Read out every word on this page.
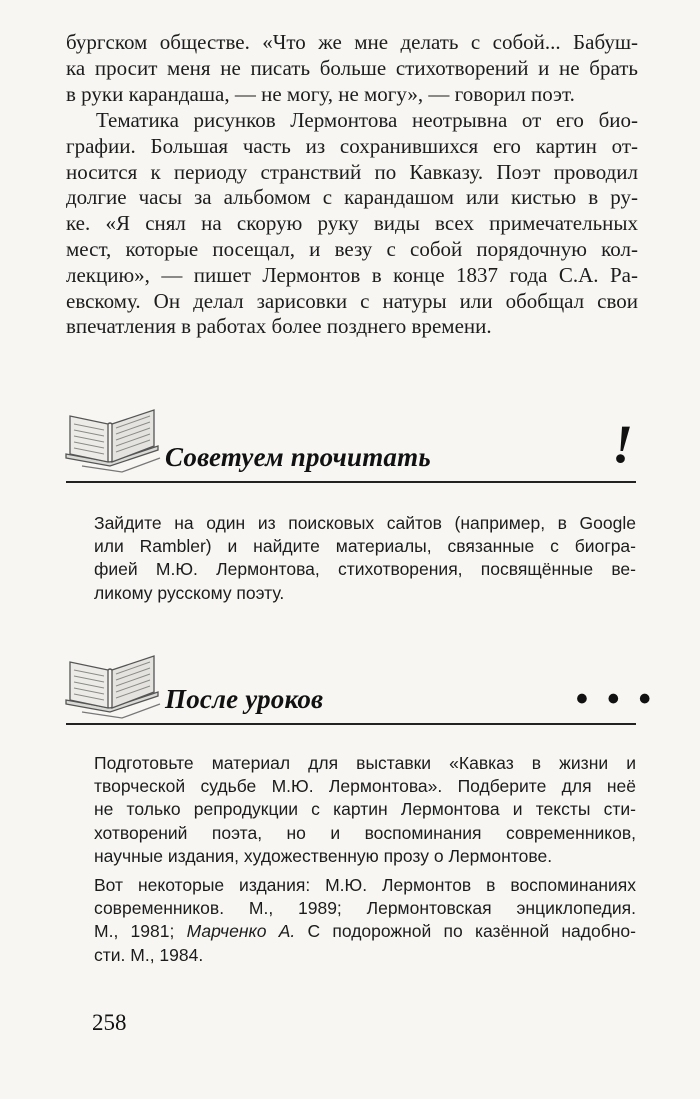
бургском обществе. «Что же мне делать с собой... Бабуш-
ка просит меня не писать больше стихотворений и не брать
в руки карандаша, — не могу, не могу», — говорил поэт.

Тематика рисунков Лермонтова неотрывна от его био-
графии. Большая часть из сохранившихся его картин от-
носится к периоду странствий по Кавказу. Поэт проводил
долгие часы за альбомом с карандашом или кистью в ру-
ке. «Я снял на скорую руку виды всех примечательных
мест, которые посещал, и везу с собой порядочную кол-
лекцию», — пишет Лермонтов в конце 1837 года С.А. Ра-
евскому. Он делал зарисовки с натуры или обобщал свои
впечатления в работах более позднего времени.

Советуем прочитать	!

Зайдите на один из поисковых сайтов (например, в Google
или Rambler) и найдите материалы, связанные с биогра-
фией М.Ю. Лермонтова, стихотворения, посвящённые ве-
ликому русскому поэту.

После уроков	• • •

Подготовьте материал для выставки «Кавказ в жизни и
творческой судьбе М.Ю. Лермонтова». Подберите для неё
не только репродукции с картин Лермонтова и тексты сти-
хотворений поэта, но и воспоминания современников,
научные издания, художественную прозу о Лермонтове.

Вот некоторые издания: М.Ю. Лермонтов в воспоминаниях
современников. М., 1989; Лермонтовская энциклопедия.
М., 1981; Марченко А. С подорожной по казённой надобно-
сти. М., 1984.

258
